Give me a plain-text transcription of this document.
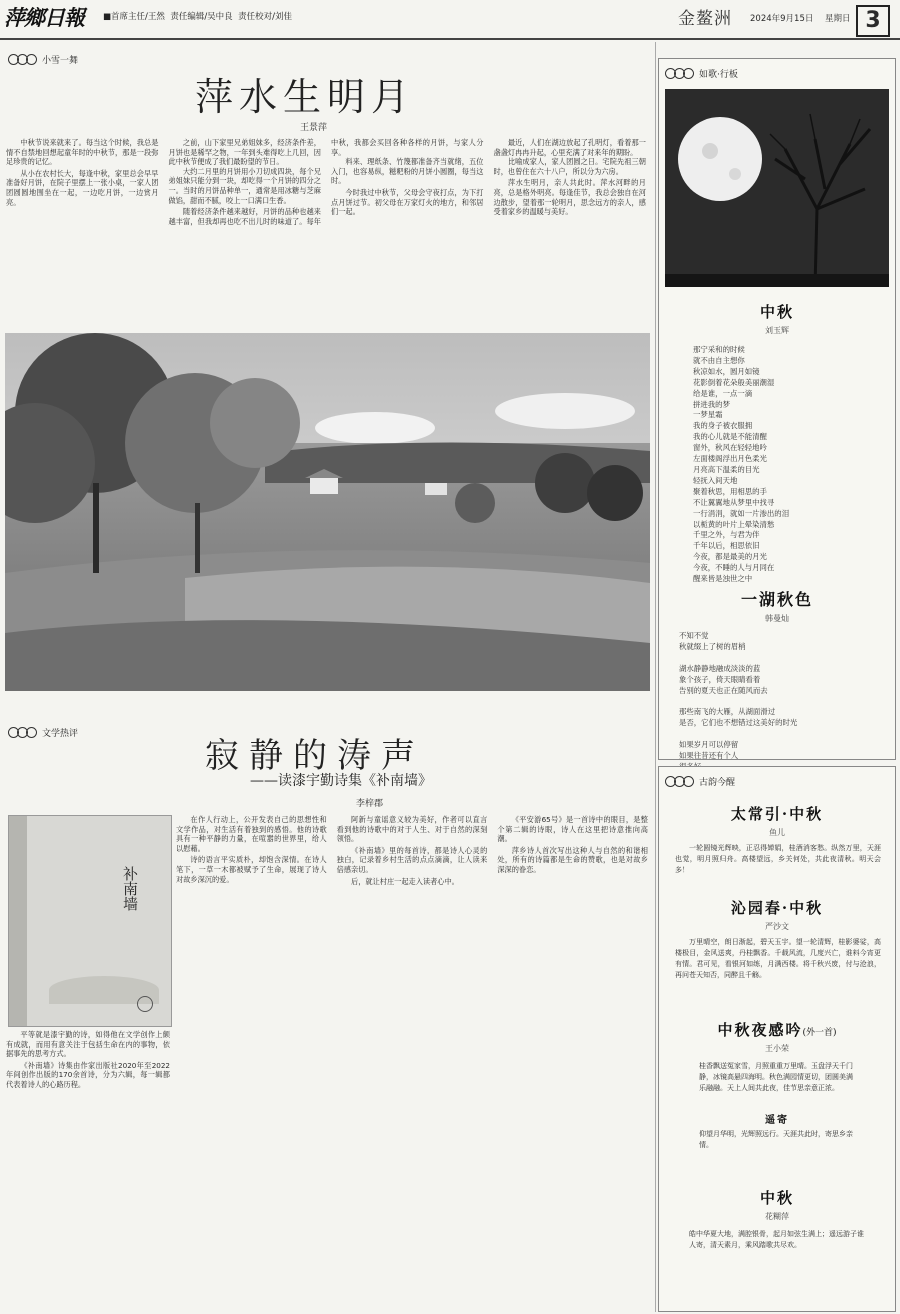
萍鄉日報 ■首席主任/王然 责任编辑/吴中良 责任校对/刘佳	金鳌洲 2024年9月15日 星期日 3
小雪一舞
萍水生明月
王景萍

中秋节说来就来了。每当这个时候，我总是情不自禁地回想起童年时的中秋节，那是一段弥足珍贵的记忆。

从小在农村长大，每逢中秋，家里总会早早准备好月饼，在院子里摆上一张小桌，一家人团团圆圆地围坐在一起，一边吃月饼，一边赏月亮。

之前，山下家里兄弟姐妹多，经济条件差，月饼也是稀罕之物，一年到头难得吃上几回，因此中秋节便成了我们最盼望的节日。

大约二月里的月饼用小刀切成四块，每个兄弟姐妹只能分到一块，却吃得一个月饼的四分之一。当时的月饼品种单一，通常是用冰糖与芝麻做馅，甜而不腻，咬上一口满口生香。

随着经济条件越来越好，月饼的品种也越来越丰富，但我却再也吃不出儿时的味道了。每年中秋，我都会买回各种各样的月饼，与家人分享。

料来、理纸条、竹篾都准备齐当就绪，五位入门，也容易纵，糍粑粉的月饼小圆圈，每当这时。

今时我过中秋节，父母会守夜打点，为下打点月饼过节。初父母在万家灯火的地方，和邻居们一起。

最近，人们在湖边放起了孔明灯，看着那一盏盏灯冉冉升起，心里充满了对来年的期盼。

比喻成家人，家人团圆之日。宅院先祖三朝时，也曾住在六十八户，所以分为六房。

萍水生明月，亲人共此时。萍水河畔的月亮，总是格外明亮。每逢佳节，我总会独自在河边散步，望着那一轮明月，思念远方的亲人，感受着家乡的温暖与美好。

文学热评
寂静的涛声
——读漆宇勤诗集《补南墙》
李梓郡
补南墙

平等就是漆宇勤的诗，如得他在文学创作上颇有成就，而用有意关注于包括生命在内的事物，依据事先的思考方式。

《补南墙》诗集由作家出版社2020年至2022年间创作出版的170余首诗，分为六辑，每一辑都代表着诗人的心路历程。

在作人行动上，公开发表自己的思想性和文学作品，对生活有着独到的感悟。他的诗歌具有一种平静的力量，在喧嚣的世界里，给人以慰藉。

诗的语言平实质朴，却饱含深情。在诗人笔下，一草一木都被赋予了生命，展现了诗人对故乡深沉的爱。

阿新与童谣意义较为美好，作者可以直言看到他的诗歌中的对于人生、对于自然的深刻领悟。

《补南墙》里的每首诗，都是诗人心灵的独白，记录着乡村生活的点点滴滴，让人读来倍感亲切。

后，就让村庄一起走入读者心中。

《平安游65号》是一首诗中的眼目，是整个第二辑的诗眼，诗人在这里把诗意推向高潮。

萍乡诗人首次写出这种人与自然的和谐相处，所有的诗篇都是生命的赞歌，也是对故乡深深的眷恋。

如歌·行板
中秋
刘玉辉
那宁采和的时候
就不由自主想你
秋凉如水，圆月如镜
花影倒着花朵般美丽潮湿
给是谁，一点一滴
拼进我的梦
一梦星霜
我的身子被衣服拥
我的心儿就是不能清醒
窗外，秋风在轻轻地吟
左面楼阁浮出月色柔光
月亮高下温柔的目光
轻抚入间天地
聚着秋思，用相思的手
不让翼翼地从梦里中找寻
一行涓涓，就如一片渗出的泪
以栀黄的叶片上晕染清愁
千里之外，与君为伴
千年以后，相思依旧
今夜，都是最美的月光
今夜，不睡的人与月同在
醒来皆是浊世之中
一湖秋色
韩曼灿
不知不觉
秋就缀上了树的眉梢

湖水静静地融成淡淡的蓝
象个孩子，倚天眼睛看着
告别的夏天也正在随风而去

那些南飞的大雁，从湖面滑过
是否，它们也不想错过这美好的时光

如果岁月可以停留
如果往昔还有个人
古韵今醒
太常引·中秋
鱼儿
一轮圆镜光辉映，正忍得婵娟，桂酒消客愁。纵然万里，天涯也觉，明月照归舟。高楼望远，乡关何处，共此夜清秋。明天会多！
沁园春·中秋
严沙文
万里晴空，朗日渐起，碧天玉宇。望一轮清辉，桂影婆娑，高楼极目，金风送爽，丹桂飘香。千载风流，几度兴亡，谁料今宵更有情。君可见，看银河如练，月满西楼。将千秋兴废，付与沧浪，再问苍天知否，同醉且千觞。
中秋夜感吟(外一首)
王小荣
桂香飘送冤家雪，月照重重万里晴。玉盘浮天千门静，冰镜高悬四海明。秋色满园情更切，团圆美满乐融融。天上人间共此夜，佳节思亲意正浓。
遥寄
仰望月华明，光辉照远行。天涯共此时，寄思乡亲情。
中秋
花糊萍
皓中华夏大地，满腔银骨，起月如弦生满上；遥远游子谁人寄，清天素月，乘风踏歌共尽欢。
